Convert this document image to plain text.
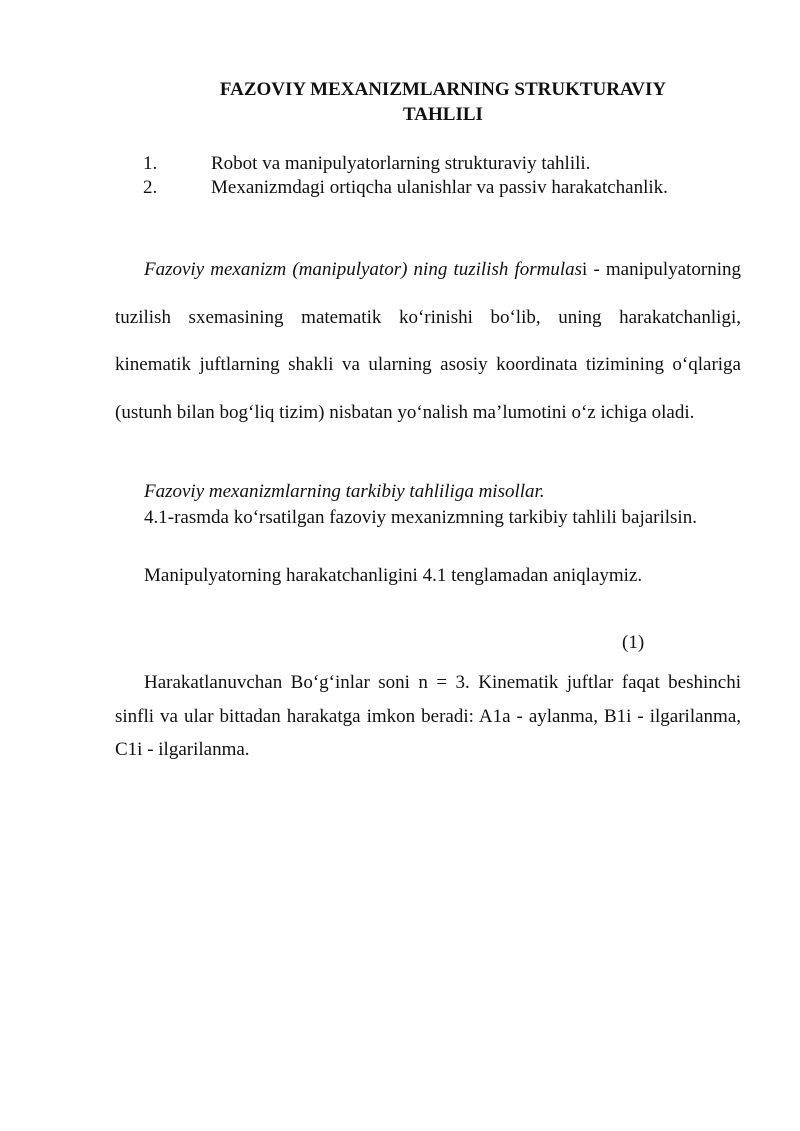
FAZOVIY MEXANIZMLARNING STRUKTURAVIY
TAHLILI
1.	Robot va manipulyatorlarning strukturaviy tahlili.
2.	Mexanizmdagi ortiqcha ulanishlar va passiv harakatchanlik.

Fazoviy mexanizm (manipulyator) ning tuzilish formulasi - manipulyatorning tuzilish sxemasining matematik ko‘rinishi bo‘lib, uning harakatchanligi, kinematik juftlarning shakli va ularning asosiy koordinata tizimining o‘qlariga (ustunh bilan bog‘liq tizim) nisbatan yo‘nalish ma’lumotini o‘z ichiga oladi.

Fazoviy mexanizmlarning tarkibiy tahliliga misollar.

4.1-rasmda ko‘rsatilgan fazoviy mexanizmning tarkibiy tahlili bajarilsin.

Manipulyatorning harakatchanligini 4.1 tenglamadan aniqlaymiz.

(1)

Harakatlanuvchan Bo‘g‘inlar soni n = 3. Kinematik juftlar faqat beshinchi sinfli va ular bittadan harakatga imkon beradi: A1a - aylanma, B1i - ilgarilanma, C1i - ilgarilanma.
